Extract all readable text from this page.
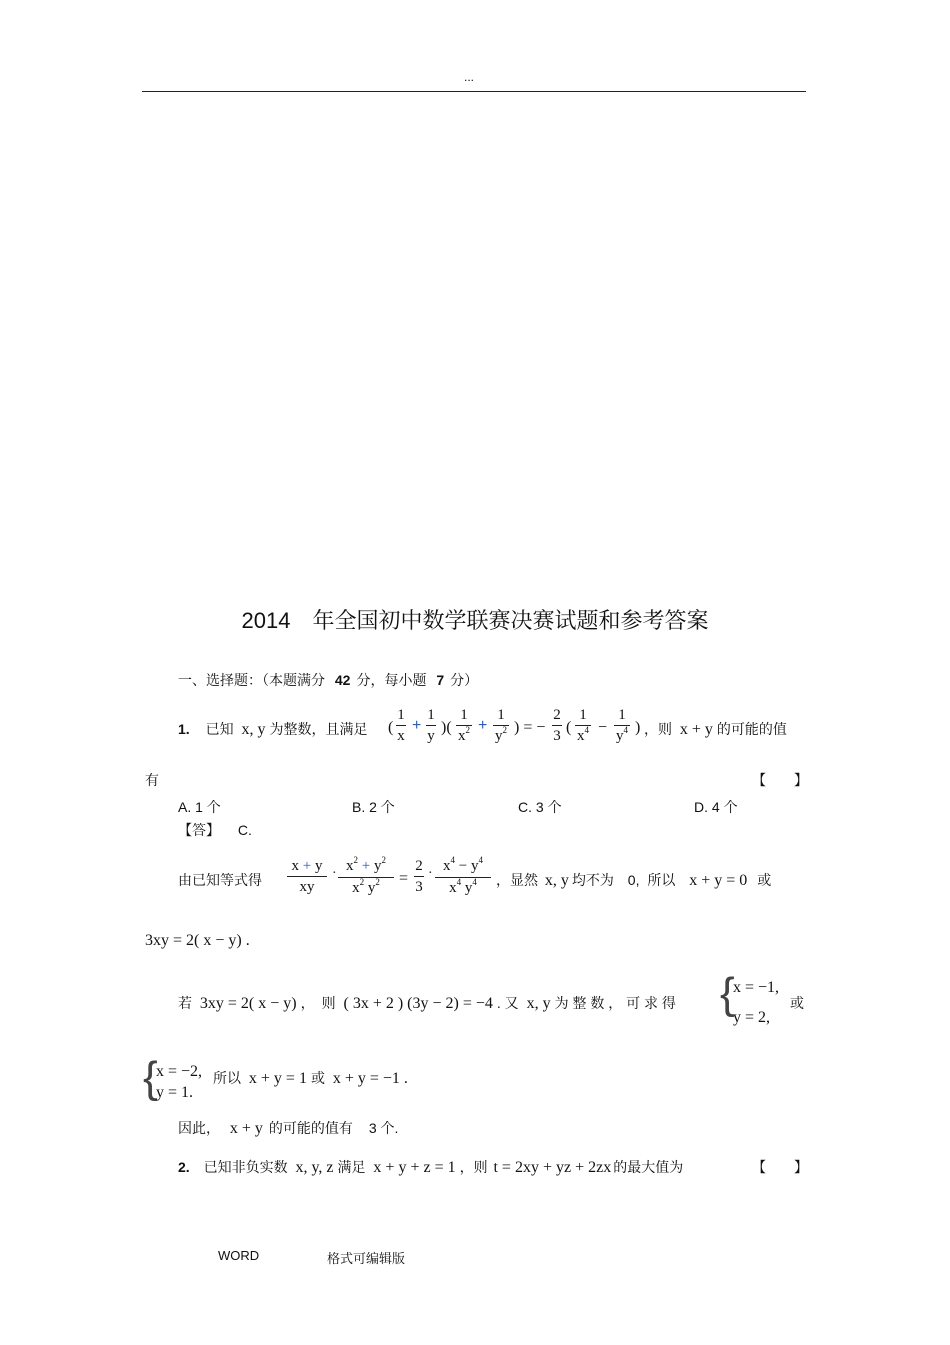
...
2014　年全国初中数学联赛决赛试题和参考答案
一、选择题：（本题满分 42 分，每小题 7 分）
1. 已知 x, y 为整数，且满足 (
1
x
+
1
y )(
1
$x^2$ +
1
$y^2$ ) = −
2
3 (
1
$x^4$ −
1
$y^4$ ) ，则 x + y 的可能的值
有	【　　】
A. 1 个	B. 2 个	C. 3 个	D. 4 个
【答】 C.
由已知等式得
x + y
xy
· $x^2 + y^2$
$x^2$ $y^2$	=
2
3
· $x^4 - y^4$
$x^4$ $y^4$	，显然 x, y 均不为 0, 所以 x + y = 0 或
3xy = 2( x − y) .
若 3xy = 2( x − y) ，　则 ( 3x + 2 ) (3y − 2) = −4 . 又 x, y 为 整 数 ， 可 求 得 {
x = −1,
y = 2,
或
{
x = −2,
y = 1.
所以 x + y = 1 或 x + y = −1 .
因此， x + y 的可能的值有 3 个.
2. 已知非负实数 x, y, z 满足 x + y + z = 1 ，则 t = 2xy + yz + 2zx 的最大值为	【　　】
WORD	格式可编辑版
